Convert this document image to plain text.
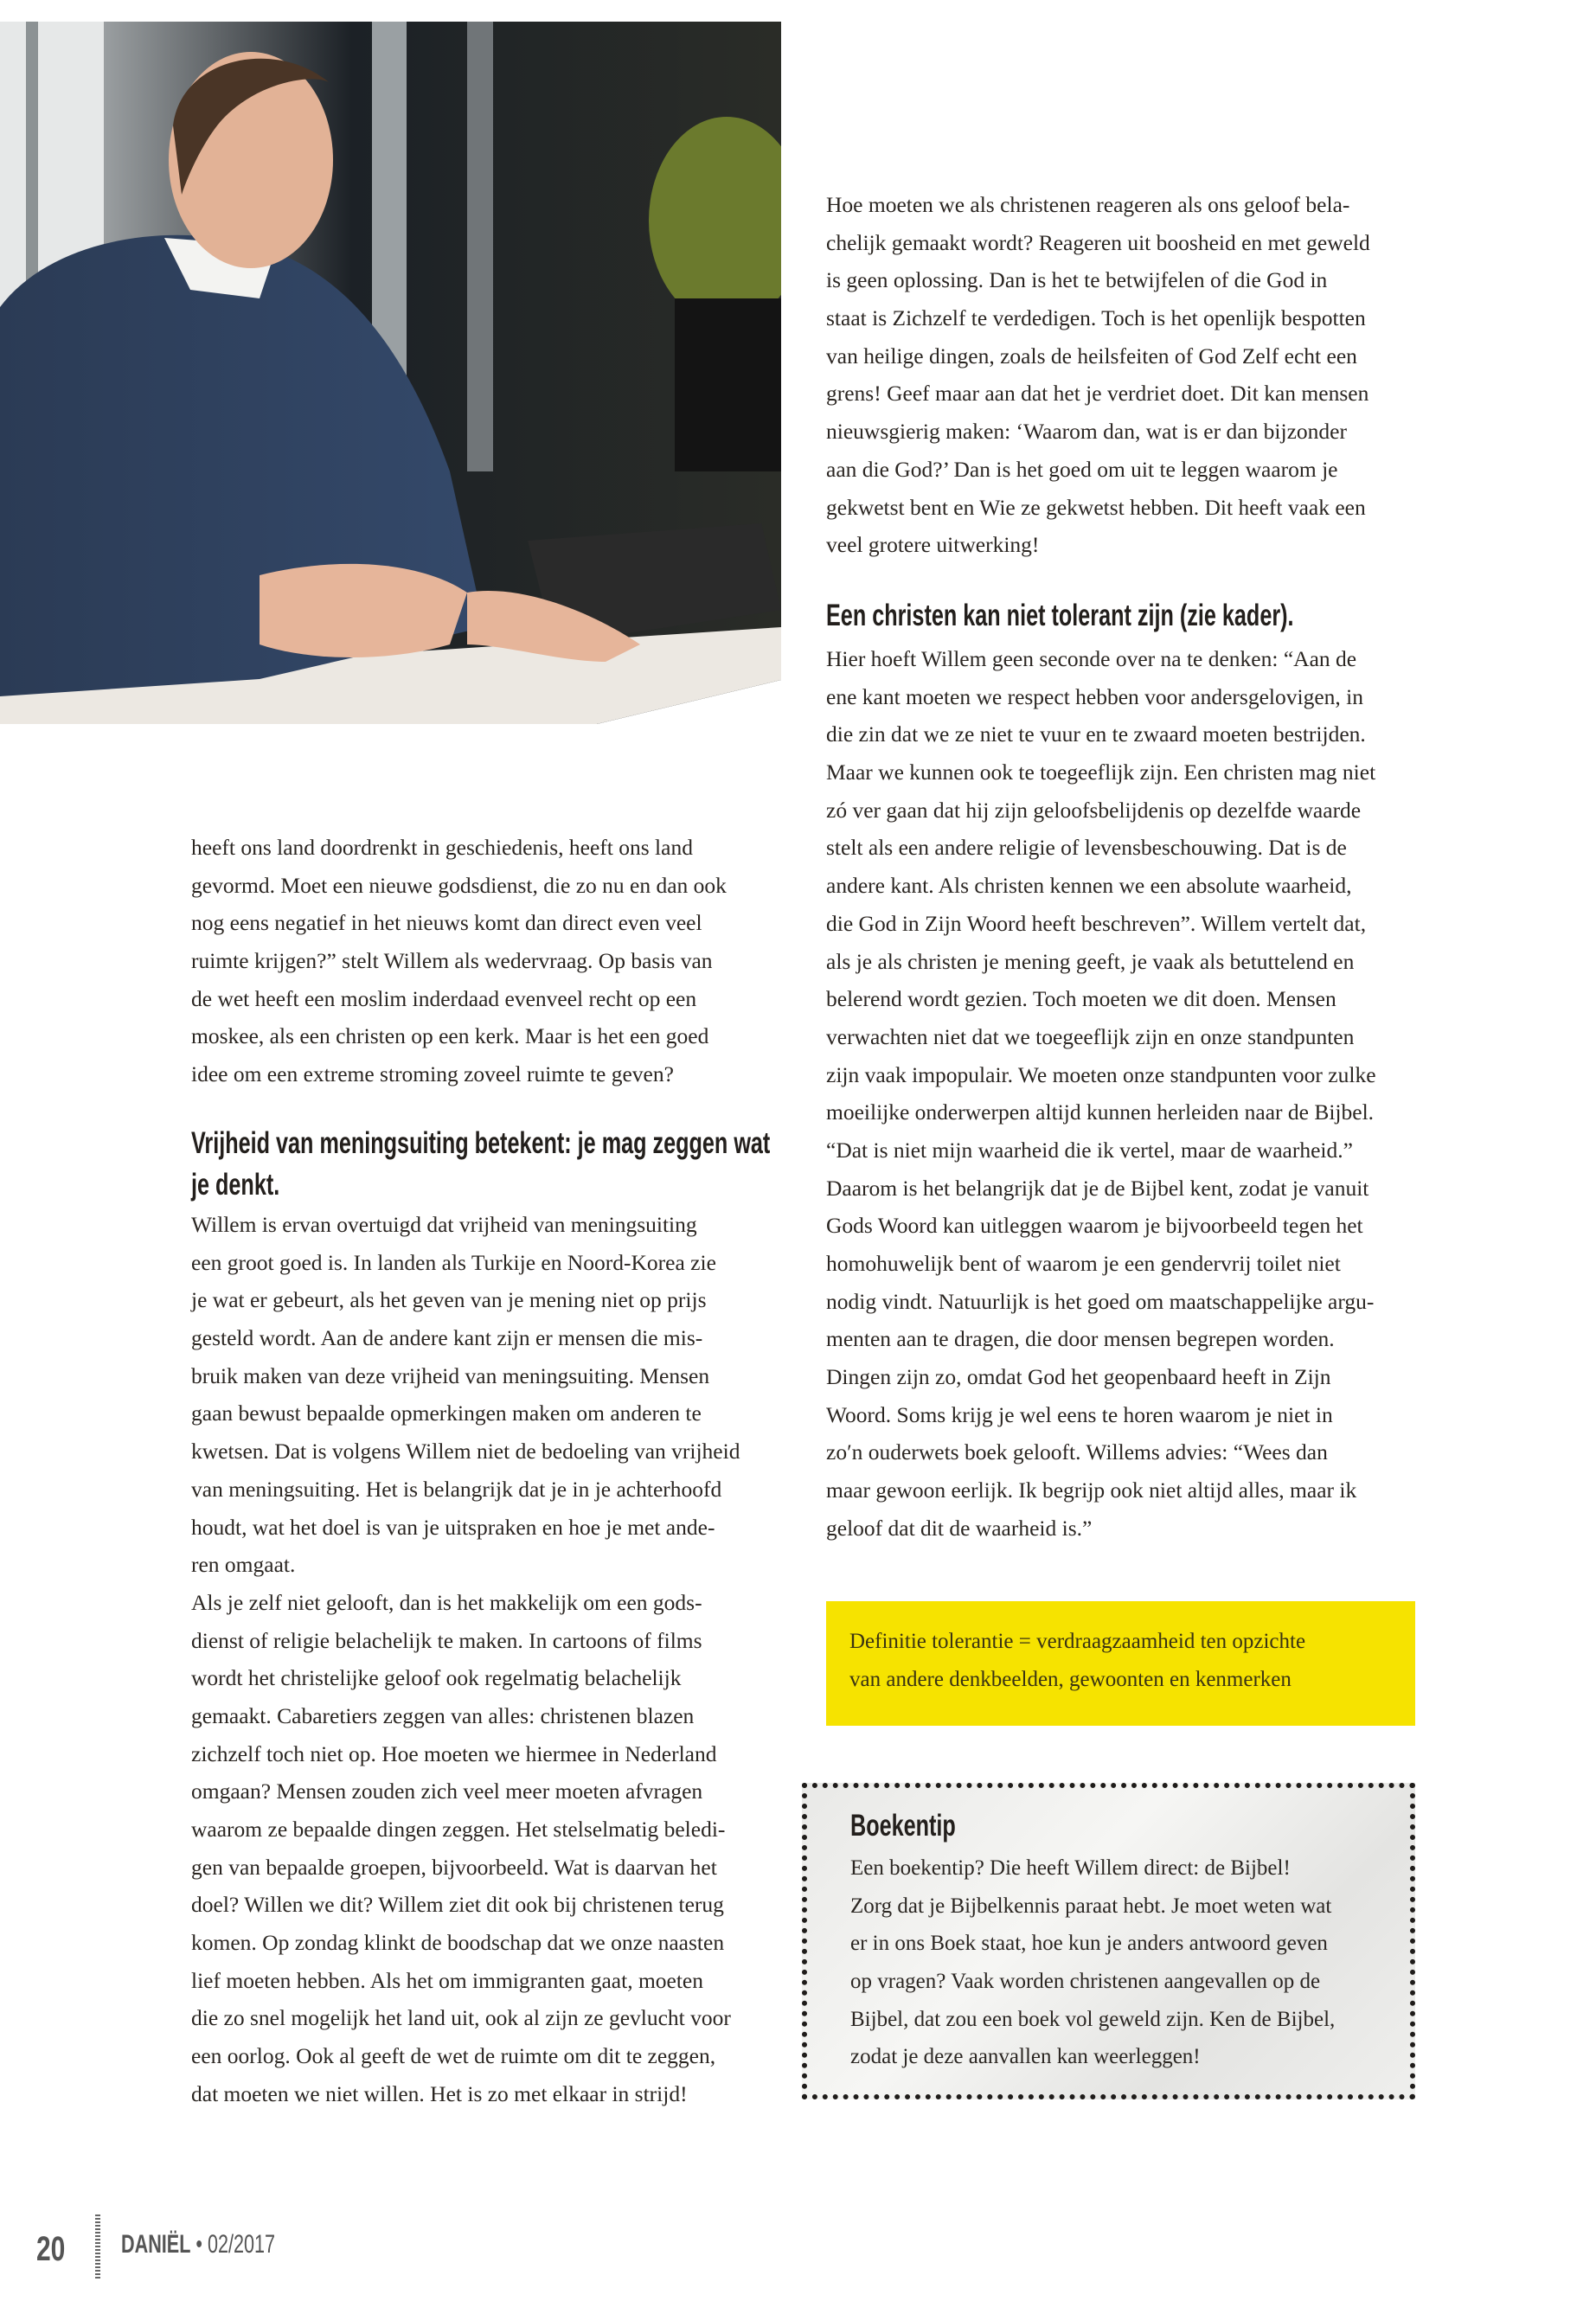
heeft ons land doordrenkt in geschiedenis, heeft ons land
gevormd. Moet een nieuwe godsdienst, die zo nu en dan ook
nog eens negatief in het nieuws komt dan direct even veel
ruimte krijgen?” stelt Willem als wedervraag. Op basis van
de wet heeft een moslim inderdaad evenveel recht op een
moskee, als een christen op een kerk. Maar is het een goed
idee om een extreme stroming zoveel ruimte te geven?
Vrijheid van meningsuiting betekent: je mag zeggen wat
je denkt.
Willem is ervan overtuigd dat vrijheid van meningsuiting
een groot goed is. In landen als Turkije en Noord-Korea zie
je wat er gebeurt, als het geven van je mening niet op prijs
gesteld wordt. Aan de andere kant zijn er mensen die mis-
bruik maken van deze vrijheid van meningsuiting. Mensen
gaan bewust bepaalde opmerkingen maken om anderen te
kwetsen. Dat is volgens Willem niet de bedoeling van vrijheid
van meningsuiting. Het is belangrijk dat je in je achterhoofd
houdt, wat het doel is van je uitspraken en hoe je met ande-
ren omgaat.
Als je zelf niet gelooft, dan is het makkelijk om een gods-
dienst of religie belachelijk te maken. In cartoons of films
wordt het christelijke geloof ook regelmatig belachelijk
gemaakt. Cabaretiers zeggen van alles: christenen blazen
zichzelf toch niet op. Hoe moeten we hiermee in Nederland
omgaan? Mensen zouden zich veel meer moeten afvragen
waarom ze bepaalde dingen zeggen. Het stelselmatig beledi-
gen van bepaalde groepen, bijvoorbeeld. Wat is daarvan het
doel? Willen we dit? Willem ziet dit ook bij christenen terug
komen. Op zondag klinkt de boodschap dat we onze naasten
lief moeten hebben. Als het om immigranten gaat, moeten
die zo snel mogelijk het land uit, ook al zijn ze gevlucht voor
een oorlog. Ook al geeft de wet de ruimte om dit te zeggen,
dat moeten we niet willen. Het is zo met elkaar in strijd!
Hoe moeten we als christenen reageren als ons geloof bela-
chelijk gemaakt wordt? Reageren uit boosheid en met geweld
is geen oplossing. Dan is het te betwijfelen of die God in
staat is Zichzelf te verdedigen. Toch is het openlijk bespotten
van heilige dingen, zoals de heilsfeiten of God Zelf echt een
grens! Geef maar aan dat het je verdriet doet. Dit kan mensen
nieuwsgierig maken: ‘Waarom dan, wat is er dan bijzonder
aan die God?’ Dan is het goed om uit te leggen waarom je
gekwetst bent en Wie ze gekwetst hebben. Dit heeft vaak een
veel grotere uitwerking!
Een christen kan niet tolerant zijn (zie kader).
Hier hoeft Willem geen seconde over na te denken: “Aan de
ene kant moeten we respect hebben voor andersgelovigen, in
die zin dat we ze niet te vuur en te zwaard moeten bestrijden.
Maar we kunnen ook te toegeeflijk zijn. Een christen mag niet
zó ver gaan dat hij zijn geloofsbelijdenis op dezelfde waarde
stelt als een andere religie of levensbeschouwing. Dat is de
andere kant. Als christen kennen we een absolute waarheid,
die God in Zijn Woord heeft beschreven”. Willem vertelt dat,
als je als christen je mening geeft, je vaak als betuttelend en
belerend wordt gezien. Toch moeten we dit doen. Mensen
verwachten niet dat we toegeeflijk zijn en onze standpunten
zijn vaak impopulair. We moeten onze standpunten voor zulke
moeilijke onderwerpen altijd kunnen herleiden naar de Bijbel.
“Dat is niet mijn waarheid die ik vertel, maar de waarheid.”
Daarom is het belangrijk dat je de Bijbel kent, zodat je vanuit
Gods Woord kan uitleggen waarom je bijvoorbeeld tegen het
homohuwelijk bent of waarom je een gendervrij toilet niet
nodig vindt. Natuurlijk is het goed om maatschappelijke argu-
menten aan te dragen, die door mensen begrepen worden.
Dingen zijn zo, omdat God het geopenbaard heeft in Zijn
Woord. Soms krijg je wel eens te horen waarom je niet in
zo′n ouderwets boek gelooft. Willems advies: “Wees dan
maar gewoon eerlijk. Ik begrijp ook niet altijd alles, maar ik
geloof dat dit de waarheid is.”
Definitie tolerantie = verdraagzaamheid ten opzichte
van andere denkbeelden, gewoonten en kenmerken
Boekentip
Een boekentip? Die heeft Willem direct: de Bijbel!
Zorg dat je Bijbelkennis paraat hebt. Je moet weten wat
er in ons Boek staat, hoe kun je anders antwoord geven
op vragen? Vaak worden christenen aangevallen op de
Bijbel, dat zou een boek vol geweld zijn. Ken de Bijbel,
zodat je deze aanvallen kan weerleggen!
20 DANIËL • 02/2017
